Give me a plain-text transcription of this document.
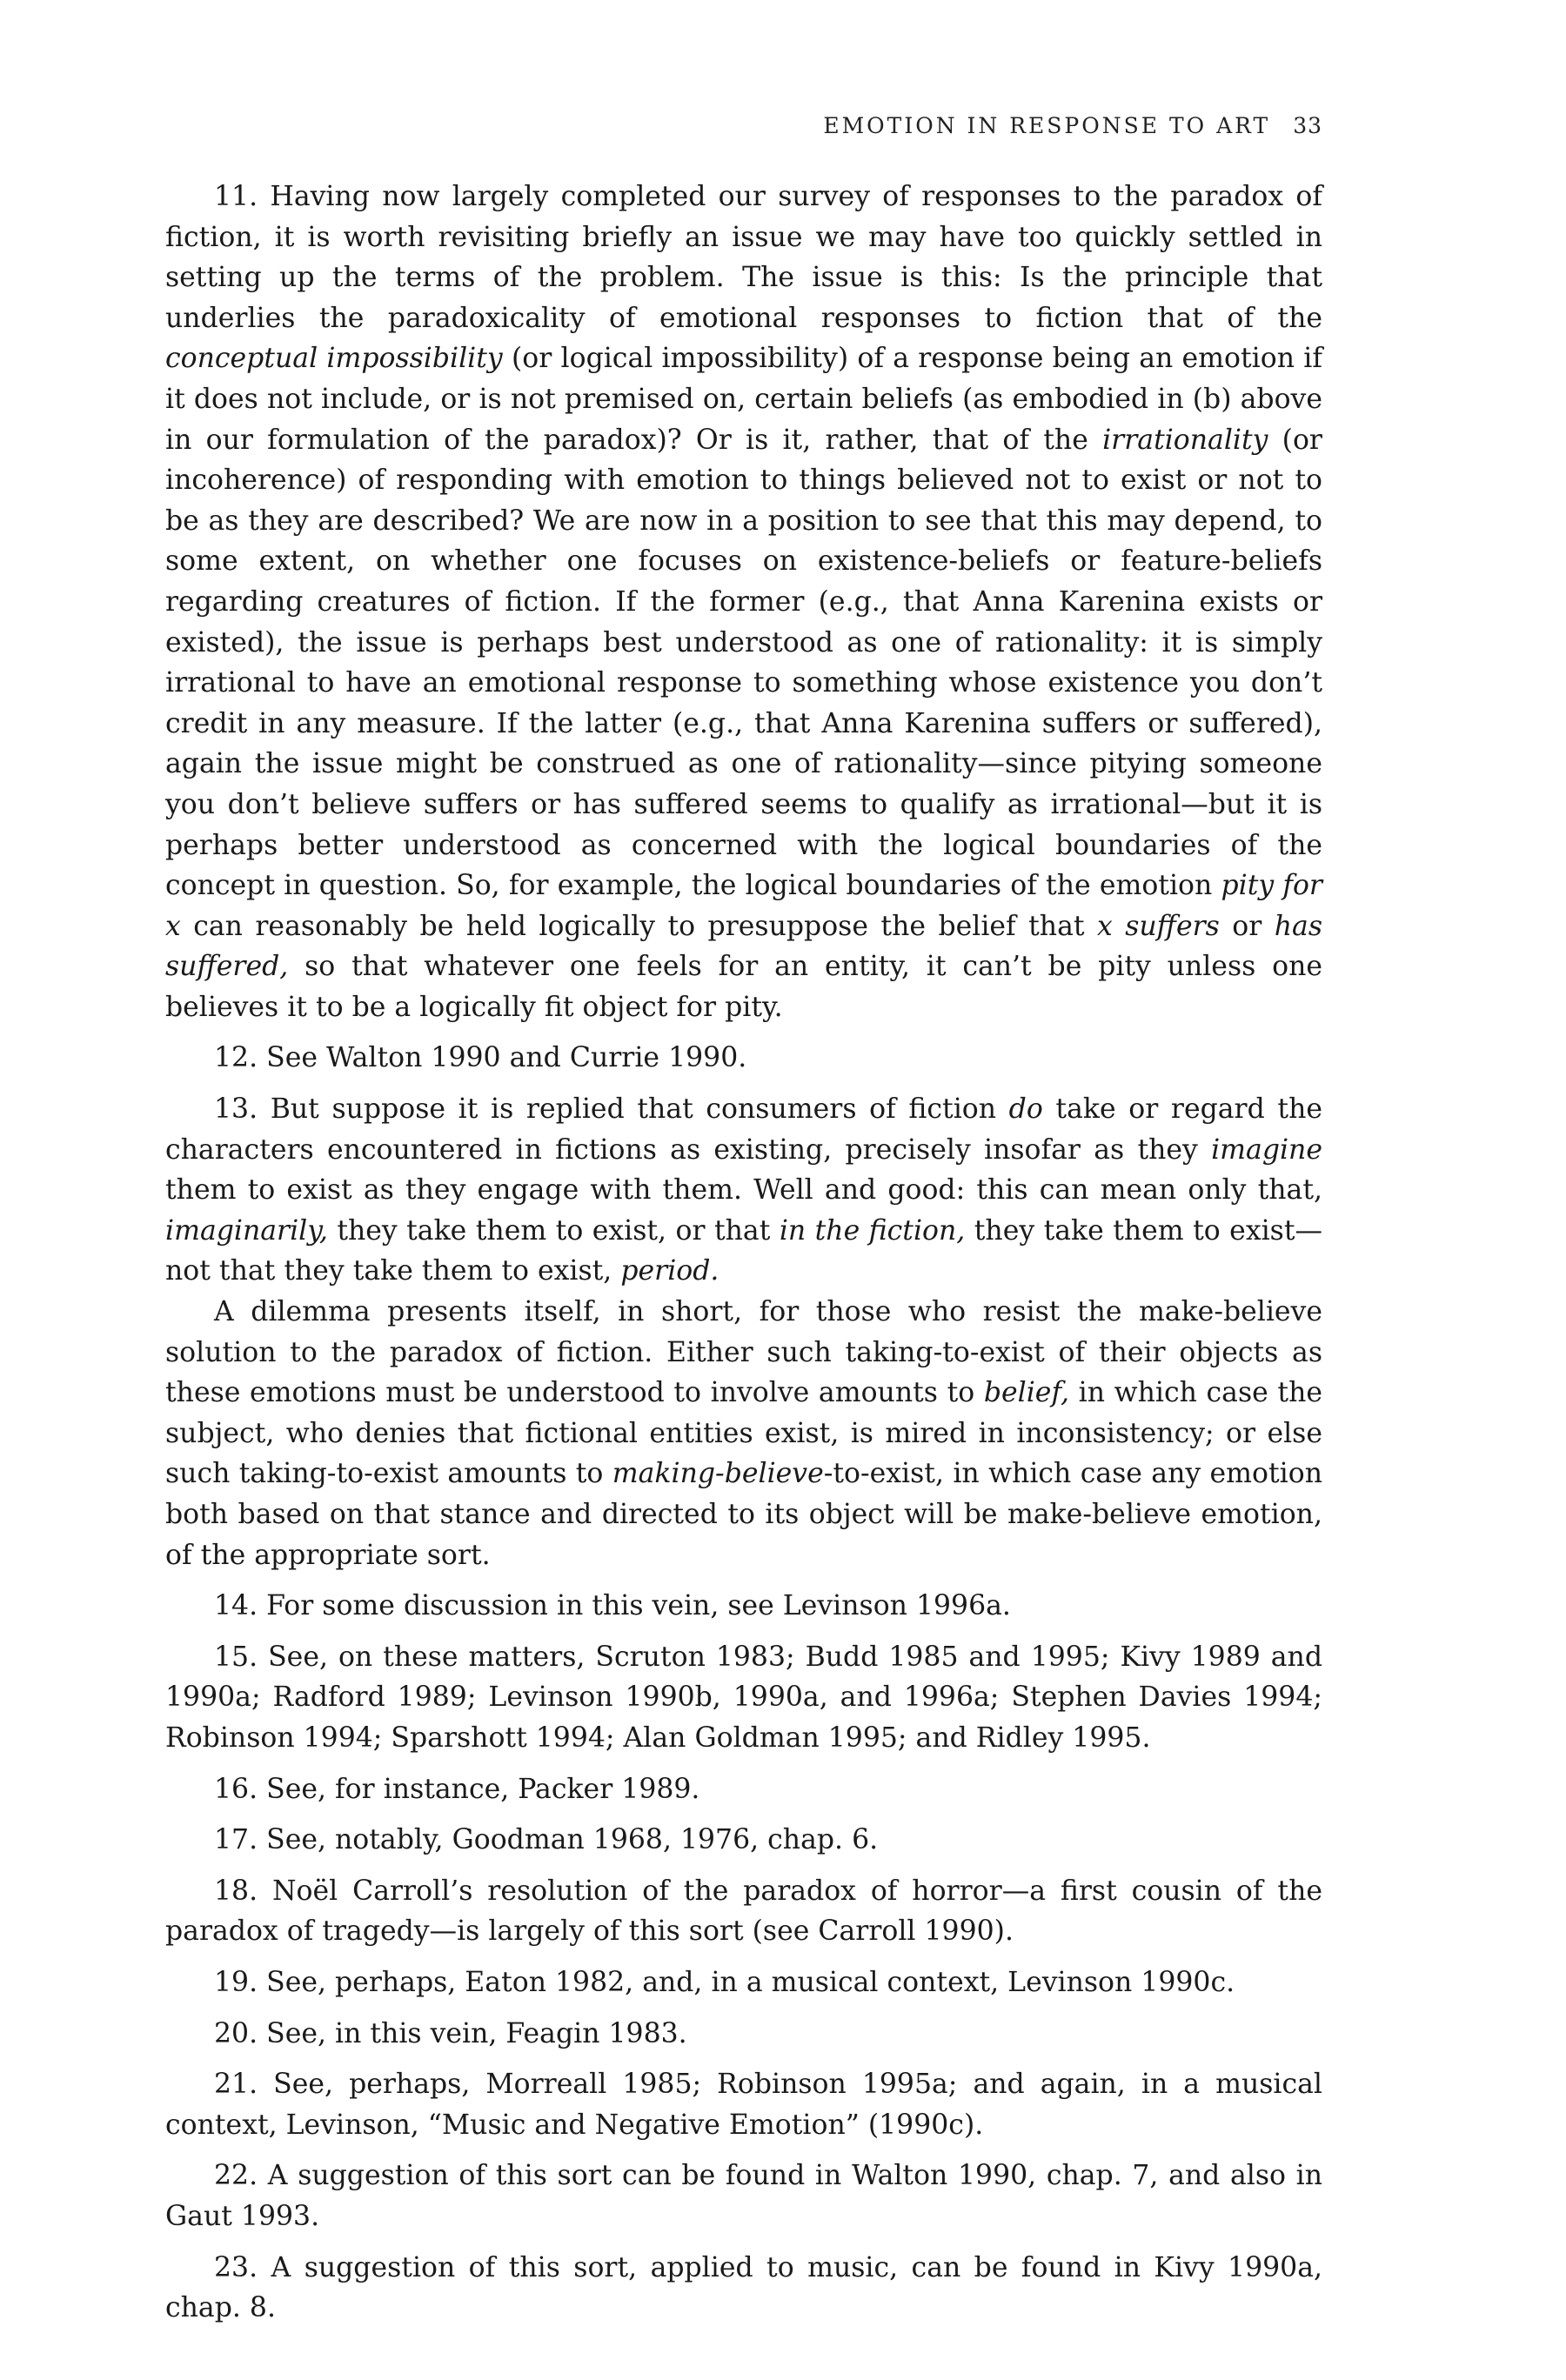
EMOTION IN RESPONSE TO ART 33

11. Having now largely completed our survey of responses to the paradox of fiction, it is worth revisiting briefly an issue we may have too quickly settled in setting up the terms of the problem. The issue is this: Is the principle that underlies the paradoxicality of emotional responses to fiction that of the conceptual impossibility (or logical impossibility) of a response being an emotion if it does not include, or is not premised on, certain beliefs (as embodied in (b) above in our formulation of the paradox)? Or is it, rather, that of the irrationality (or incoherence) of responding with emotion to things believed not to exist or not to be as they are described? We are now in a position to see that this may depend, to some extent, on whether one focuses on existence-beliefs or feature-beliefs regarding creatures of fiction. If the former (e.g., that Anna Karenina exists or existed), the issue is perhaps best understood as one of rationality: it is simply irrational to have an emotional response to something whose existence you don’t credit in any measure. If the latter (e.g., that Anna Karenina suffers or suffered), again the issue might be construed as one of rationality—since pitying someone you don’t believe suffers or has suffered seems to qualify as irrational—but it is perhaps better understood as concerned with the logical boundaries of the concept in question. So, for example, the logical boundaries of the emotion pity for x can reasonably be held logically to presuppose the belief that x suffers or has suffered, so that whatever one feels for an entity, it can’t be pity unless one believes it to be a logically fit object for pity.

12. See Walton 1990 and Currie 1990.

13. But suppose it is replied that consumers of fiction do take or regard the characters encountered in fictions as existing, precisely insofar as they imagine them to exist as they engage with them. Well and good: this can mean only that, imaginarily, they take them to exist, or that in the fiction, they take them to exist—not that they take them to exist, period.

A dilemma presents itself, in short, for those who resist the make-believe solution to the paradox of fiction. Either such taking-to-exist of their objects as these emotions must be understood to involve amounts to belief, in which case the subject, who denies that fictional entities exist, is mired in inconsistency; or else such taking-to-exist amounts to making-believe-to-exist, in which case any emotion both based on that stance and directed to its object will be make-believe emotion, of the appropriate sort.

14. For some discussion in this vein, see Levinson 1996a.

15. See, on these matters, Scruton 1983; Budd 1985 and 1995; Kivy 1989 and 1990a; Radford 1989; Levinson 1990b, 1990a, and 1996a; Stephen Davies 1994; Robinson 1994; Sparshott 1994; Alan Goldman 1995; and Ridley 1995.

16. See, for instance, Packer 1989.

17. See, notably, Goodman 1968, 1976, chap. 6.

18. Noël Carroll’s resolution of the paradox of horror—a first cousin of the paradox of tragedy—is largely of this sort (see Carroll 1990).

19. See, perhaps, Eaton 1982, and, in a musical context, Levinson 1990c.

20. See, in this vein, Feagin 1983.

21. See, perhaps, Morreall 1985; Robinson 1995a; and again, in a musical context, Levinson, “Music and Negative Emotion” (1990c).

22. A suggestion of this sort can be found in Walton 1990, chap. 7, and also in Gaut 1993.

23. A suggestion of this sort, applied to music, can be found in Kivy 1990a, chap. 8.
